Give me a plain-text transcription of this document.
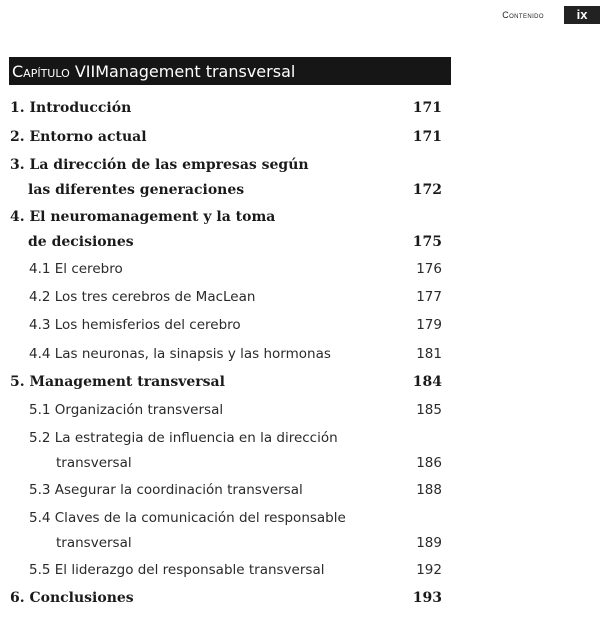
Contenido	ix
Capítulo VII Management transversal
1. Introducción	171
2. Entorno actual	171
3. La dirección de las empresas según
las diferentes generaciones	172
4. El neuromanagement y la toma
de decisiones	175
4.1 El cerebro	176
4.2 Los tres cerebros de MacLean	177
4.3 Los hemisferios del cerebro	179
4.4 Las neuronas, la sinapsis y las hormonas	181
5. Management transversal	184
5.1 Organización transversal	185
5.2 La estrategia de influencia en la dirección
transversal	186
5.3 Asegurar la coordinación transversal	188
5.4 Claves de la comunicación del responsable
transversal	189
5.5 El liderazgo del responsable transversal	192
6. Conclusiones	193
